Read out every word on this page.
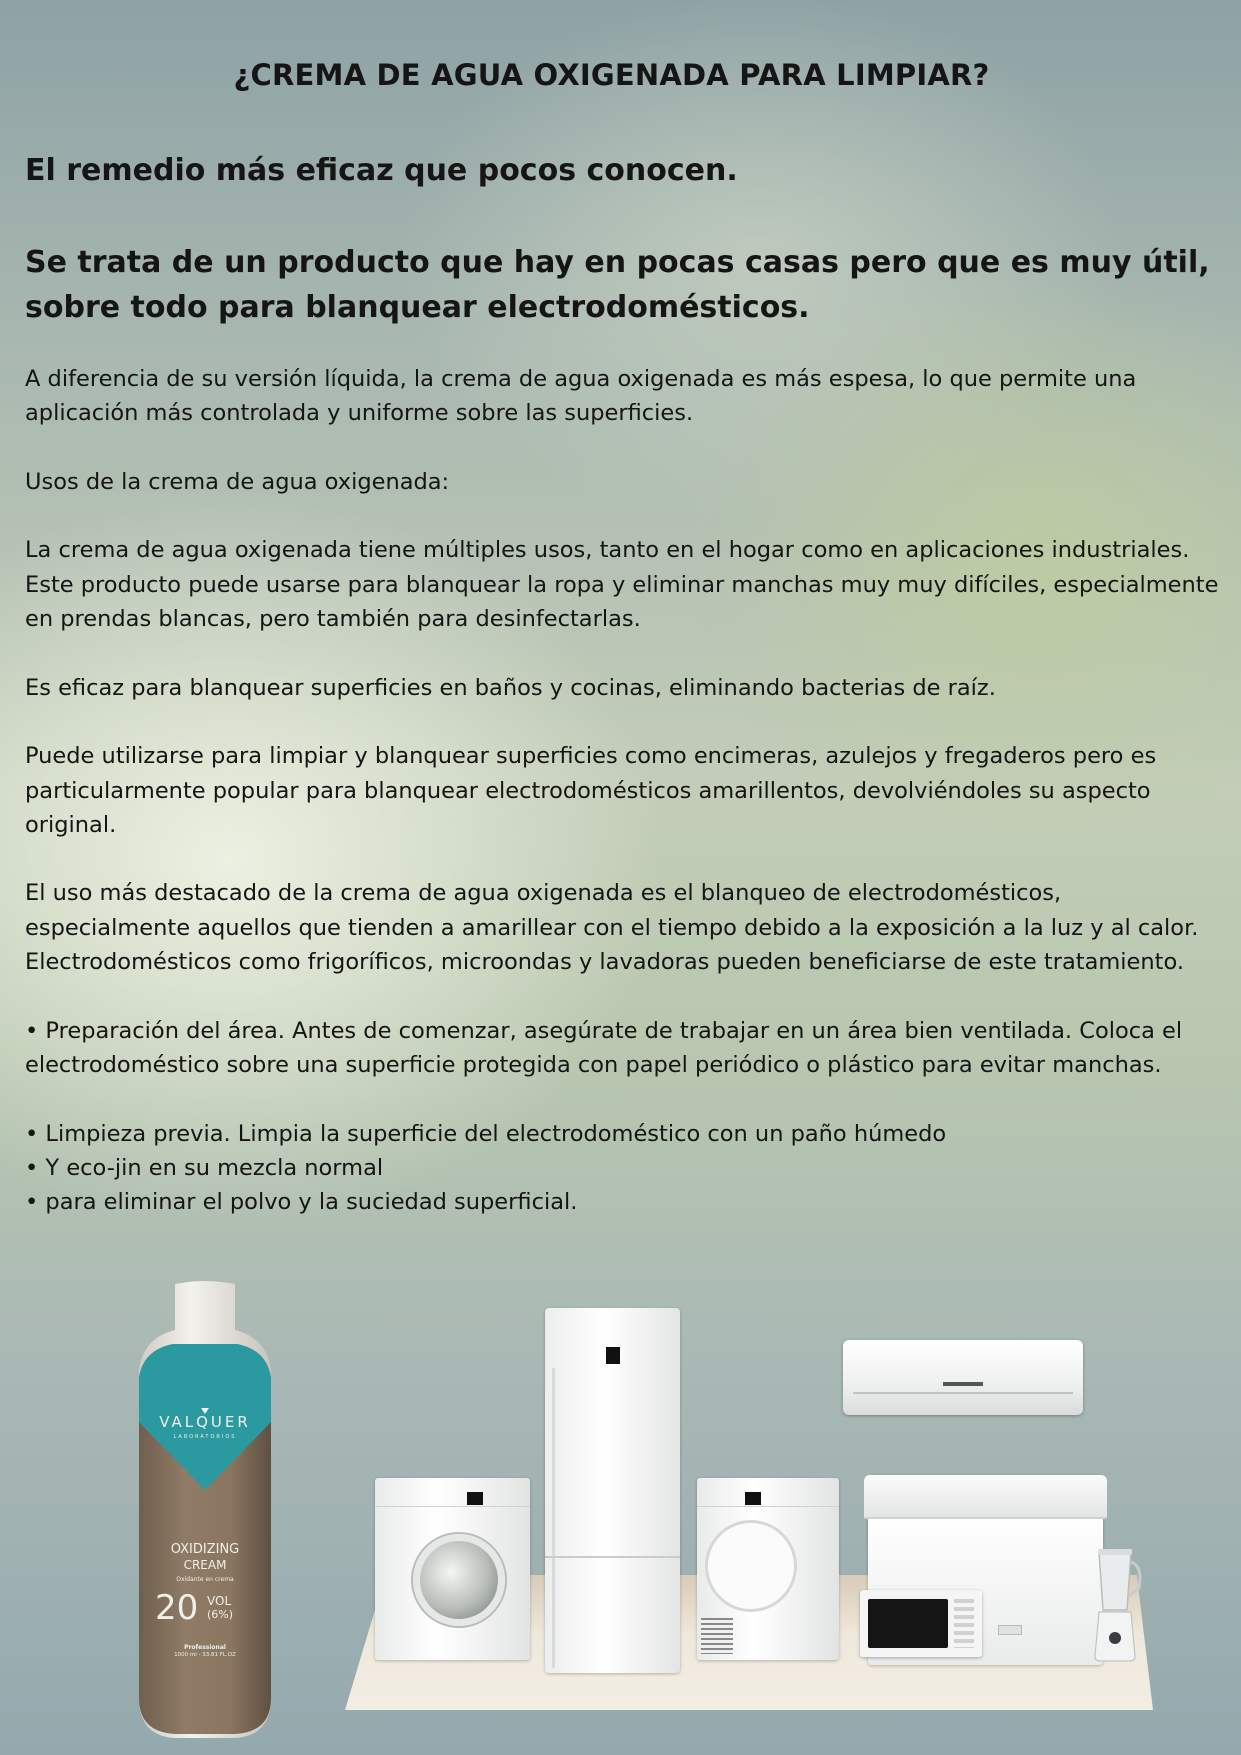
¿CREMA DE AGUA OXIGENADA PARA LIMPIAR?
El remedio más eficaz que pocos conocen.
Se trata de un producto que hay en pocas casas pero que es muy útil, sobre todo para blanquear electrodomésticos.

A diferencia de su versión líquida, la crema de agua oxigenada es más espesa, lo que permite una aplicación más controlada y uniforme sobre las superficies.

Usos de la crema de agua oxigenada:

La crema de agua oxigenada tiene múltiples usos, tanto en el hogar como en aplicaciones industriales. Este producto puede usarse para blanquear la ropa y eliminar manchas muy muy difíciles, especialmente en prendas blancas, pero también para desinfectarlas.

Es eficaz para blanquear superficies en baños y cocinas, eliminando bacterias de raíz.

Puede utilizarse para limpiar y blanquear superficies como encimeras, azulejos y fregaderos pero es particularmente popular para blanquear electrodomésticos amarillentos, devolviéndoles su aspecto original.

El uso más destacado de la crema de agua oxigenada es el blanqueo de electrodomésticos, especialmente aquellos que tienden a amarillear con el tiempo debido a la exposición a la luz y al calor. Electrodomésticos como frigoríficos, microondas y lavadoras pueden beneficiarse de este tratamiento.

• Preparación del área. Antes de comenzar, asegúrate de trabajar en un área bien ventilada. Coloca el electrodoméstico sobre una superficie protegida con papel periódico o plástico para evitar manchas.

• Limpieza previa. Limpia la superficie del electrodoméstico con un paño húmedo

• Y eco-jin en su mezcla normal

• para eliminar el polvo y la suciedad superficial.

VALQUER
LABORATORIOS
OXIDIZING
CREAM
Oxidante en crema
20 VOL
(6%)
Professional
1000 ml - 33.81 FL.OZ
